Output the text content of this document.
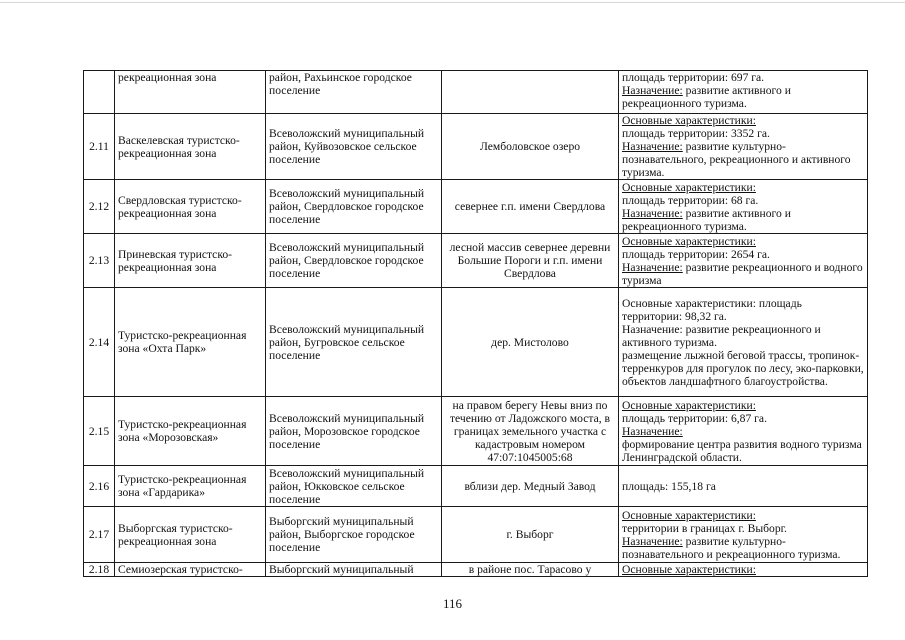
	рекреационная зона	район, Рахьинское городское поселение		площадь территории: 697 га.
Назначение: развитие активного и рекреационного туризма.

2.11	Васкелевская туристско-рекреационная зона	Всеволожский муниципальный район, Куйвозовское сельское поселение	Лемболовское озеро	Основные характеристики:
площадь территории: 3352 га.
Назначение: развитие культурно-познавательного, рекреационного и активного туризма.

2.12	Свердловская туристско-рекреационная зона	Всеволожский муниципальный район, Свердловское городское поселение	севернее г.п. имени Свердлова	Основные характеристики:
площадь территории: 68 га.
Назначение: развитие активного и рекреационного туризма.

2.13	Приневская туристско-рекреационная зона	Всеволожский муниципальный район, Свердловское городское поселение	лесной массив севернее деревни Большие Пороги и г.п. имени Свердлова	Основные характеристики:
площадь территории: 2654 га.
Назначение: развитие рекреационного и водного туризма

2.14	Туристско-рекреационная зона «Охта Парк»	Всеволожский муниципальный район, Бугровское сельское поселение	дер. Мистолово	Основные характеристики: площадь территории: 98,32 га.
Назначение: развитие рекреационного и активного туризма.
размещение лыжной беговой трассы, тропинок-терренкуров для прогулок по лесу, эко-парковки, объектов ландшафтного благоустройства.

2.15	Туристско-рекреационная зона «Морозовская»	Всеволожский муниципальный район, Морозовское городское поселение	на правом берегу Невы вниз по течению от Ладожского моста, в границах земельного участка с кадастровым номером 47:07:1045005:68	Основные характеристики:
площадь территории: 6,87 га.
Назначение:
формирование центра развития водного туризма Ленинградской области.

2.16	Туристско-рекреационная зона «Гардарика»	Всеволожский муниципальный район, Юкковское сельское поселение	вблизи дер. Медный Завод	площадь: 155,18 га

2.17	Выборгская туристско-рекреационная зона	Выборгский муниципальный район, Выборгское городское поселение	г. Выборг	Основные характеристики:
территории в границах г. Выборг.
Назначение: развитие культурно-познавательного и рекреационного туризма.

2.18	Семиозерская туристско-	Выборгский муниципальный	в районе пос. Тарасово у	Основные характеристики:
116
